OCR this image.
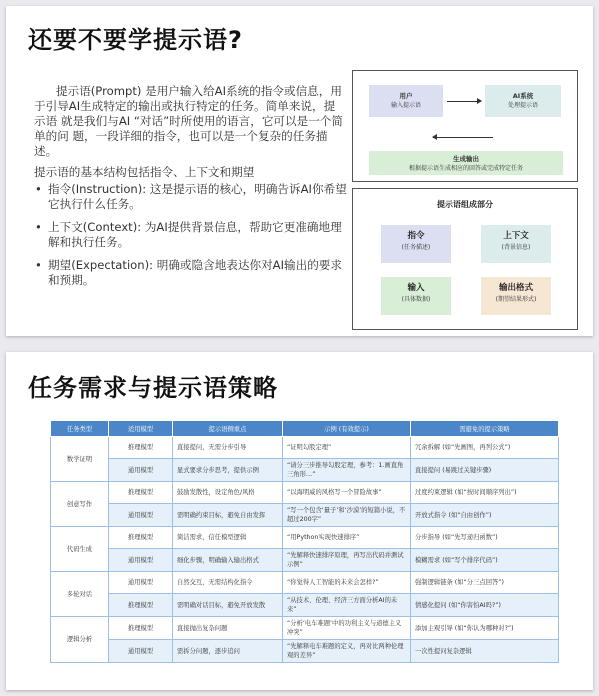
还要不要学提示语?

提示语(Prompt) 是用户输入给AI系统的指令或信息，用于引导AI生成特定的输出或执行特定的任务。简单来说，提示语 就是我们与AI “对话”时所使用的语言，它可以是一个简单的问 题，一段详细的指令，也可以是一个复杂的任务描述。

提示语的基本结构包括指令、上下文和期望
• 指令(Instruction): 这是提示语的核心，明确告诉AI你希望 它执行什么任务。
• 上下文(Context): 为AI提供背景信息，帮助它更准确地理解和执行任务。
• 期望(Expectation): 明确或隐含地表达你对AI输出的要求和预期。
用户
输入提示语
AI系统
处理提示语
生成输出
根据提示语生成相应的回答或完成特定任务
提示语组成部分
指令
(任务描述)
上下文
(背景信息)
输入
(具体数据)
输出格式
(期望结果形式)
任务需求与提示语策略
任务类型	适用模型	提示语侧重点	示例 (有效提示)	需避免的提示策略
数学证明	推理模型	直接提问，无需分步引导	“证明勾股定理”	冗余拆解 (如“先画图，再列公式”)
	通用模型	显式要求分步思考，提供示例	“请分三步推导勾股定理，参考：1.画直角三角形…”	直接提问 (易跳过关键步骤)
创意写作	推理模型	鼓励发散性，设定角色/风格	“以海明威的风格写一个冒险故事”	过度约束逻辑 (如“按时间顺序列出”)
	通用模型	需明确约束目标，避免自由发挥	“写一个包含‘量子’和‘沙漠’的短篇小说，不超过200字”	开放式指令 (如“自由创作”)
代码生成	推理模型	简洁需求，信任模型逻辑	“用Python实现快速排序”	分步指导 (如“先写递归函数”)
	通用模型	细化步骤，明确输入输出格式	“先解释快速排序原理，再写出代码并测试示例”	模糊需求 (如“写个排序代码”)
多轮对话	通用模型	自然交互，无需结构化指令	“你觉得人工智能的未来会怎样?”	强制逻辑链条 (如“分三点回答”)
	推理模型	需明确对话目标，避免开放发散	“从技术、伦理、经济三方面分析AI的未来”	情感化提问 (如“你害怕AI吗?”)
逻辑分析	推理模型	直接抛出复杂问题	“分析‘电车难题’中的功利主义与道德主义冲突”	添加主观引导 (如“你认为哪种对?”)
	通用模型	需拆分问题，逐步追问	“先解释电车难题的定义，再对比两种伦理观的差异”	一次性提问复杂逻辑
